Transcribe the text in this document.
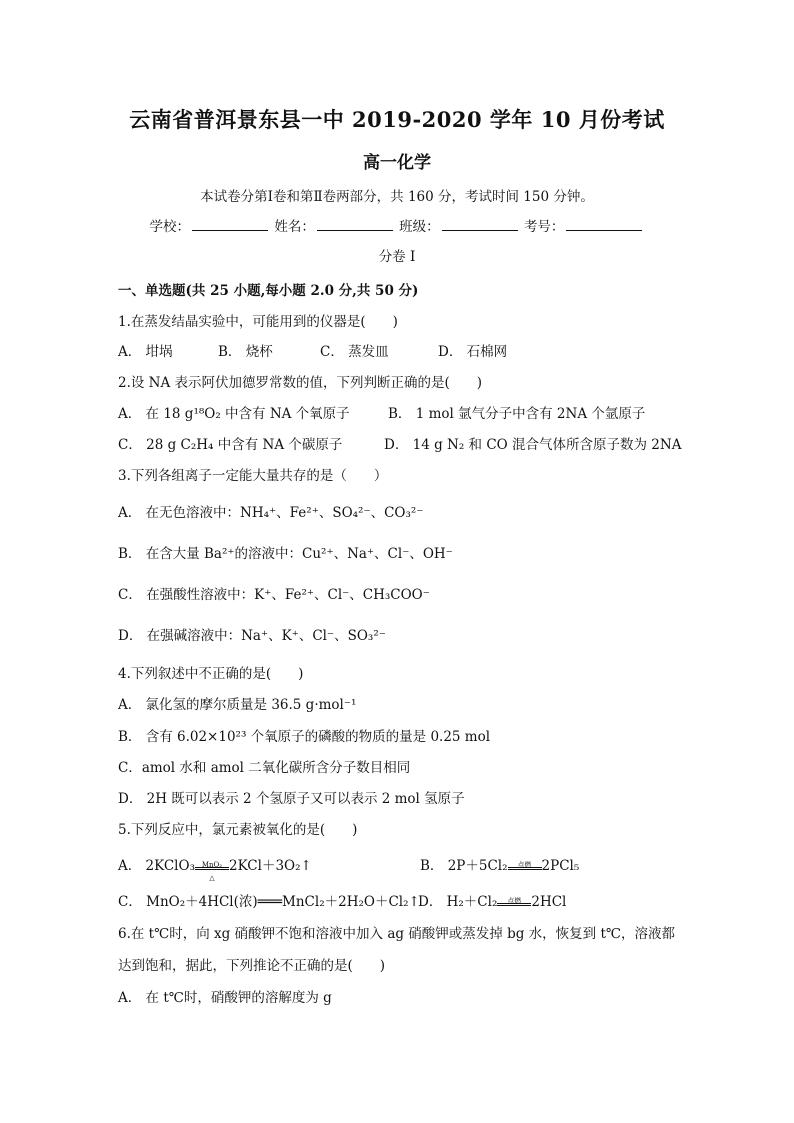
云南省普洱景东县一中 2019-2020 学年 10 月份考试
高一化学
本试卷分第Ⅰ卷和第Ⅱ卷两部分，共 160 分，考试时间 150 分钟。
学校：	姓名：	班级：	考号：
分卷 I
一、单选题(共 25 小题,每小题 2.0 分,共 50 分)
1.在蒸发结晶实验中，可能用到的仪器是(　　)
A． 坩埚	B． 烧杯	C． 蒸发皿	D． 石棉网
2.设 NA 表示阿伏加德罗常数的值，下列判断正确的是(　　)
A． 在 18 g¹⁸O₂ 中含有 NA 个氧原子	B． 1 mol 氩气分子中含有 2NA 个氩原子
C． 28 g C₂H₄ 中含有 NA 个碳原子	D． 14 g N₂ 和 CO 混合气体所含原子数为 2NA
3.下列各组离子一定能大量共存的是（　　）
A． 在无色溶液中：NH₄⁺、Fe²⁺、SO₄²⁻、CO₃²⁻
B． 在含大量 Ba²⁺的溶液中：Cu²⁺、Na⁺、Cl⁻、OH⁻
C． 在强酸性溶液中：K⁺、Fe²⁺、Cl⁻、CH₃COO⁻
D． 在强碱溶液中：Na⁺、K⁺、Cl⁻、SO₃²⁻
4.下列叙述中不正确的是(　　)
A． 氯化氢的摩尔质量是 36.5 g·mol⁻¹
B． 含有 6.02×10²³ 个氧原子的磷酸的物质的量是 0.25 mol
C．amol 水和 amol 二氧化碳所含分子数目相同
D． 2H 既可以表示 2 个氢原子又可以表示 2 mol 氢原子
5.下列反应中，氯元素被氧化的是(　　)
A． 2KClO₃ MnO₂
△
2KCl＋3O₂↑	B． 2P＋5Cl₂	点燃 2PCl₅
C． MnO₂＋4HCl(浓)═══MnCl₂＋2H₂O＋Cl₂↑
D． H₂＋Cl₂	点燃 2HCl
6.在 t℃时，向 xg 硝酸钾不饱和溶液中加入 ag 硝酸钾或蒸发掉 bg 水，恢复到 t℃，溶液都
达到饱和，据此，下列推论不正确的是(　　)
A． 在 t℃时，硝酸钾的溶解度为 g
